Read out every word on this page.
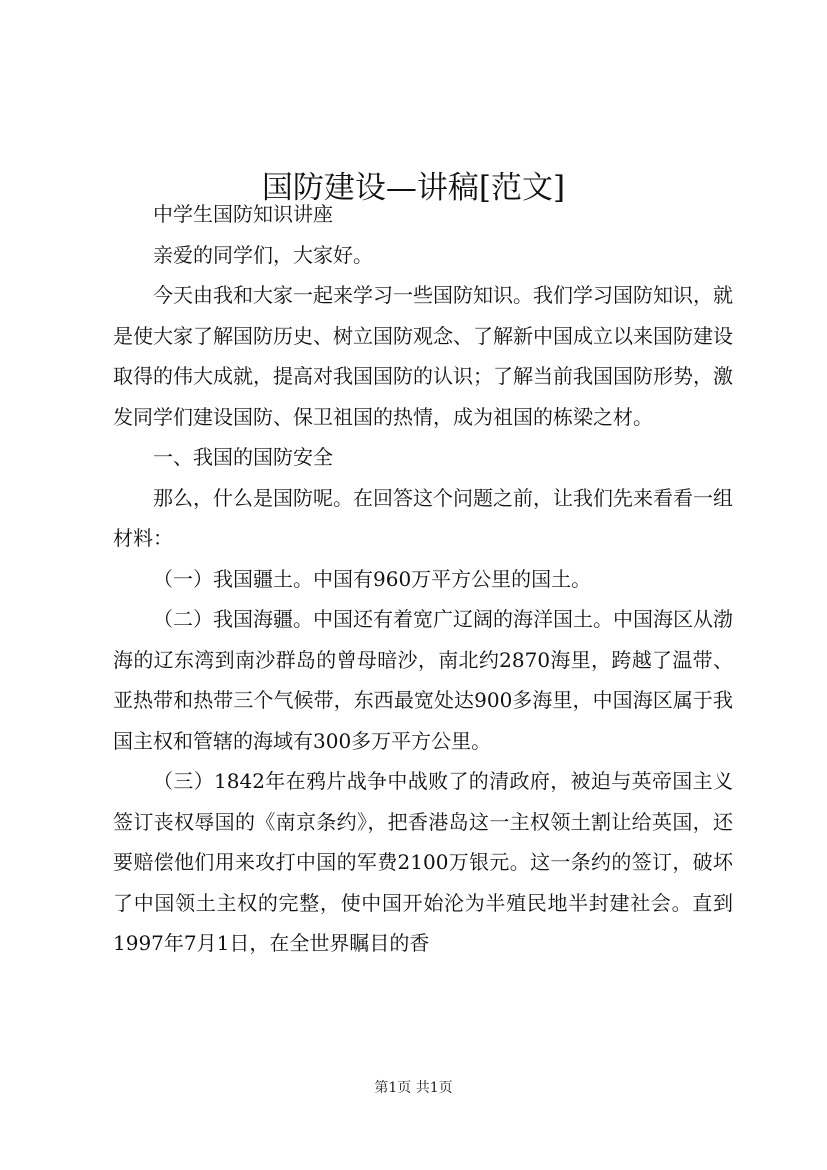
国防建设—讲稿[范文]

中学生国防知识讲座

亲爱的同学们，大家好。

今天由我和大家一起来学习一些国防知识。我们学习国防知识，就是使大家了解国防历史、树立国防观念、了解新中国成立以来国防建设取得的伟大成就，提高对我国国防的认识；了解当前我国国防形势，激发同学们建设国防、保卫祖国的热情，成为祖国的栋梁之材。

一、我国的国防安全

那么，什么是国防呢。在回答这个问题之前，让我们先来看看一组材料：

（一）我国疆土。中国有960万平方公里的国土。

（二）我国海疆。中国还有着宽广辽阔的海洋国土。中国海区从渤海的辽东湾到南沙群岛的曾母暗沙，南北约2870海里，跨越了温带、亚热带和热带三个气候带，东西最宽处达900多海里，中国海区属于我国主权和管辖的海域有300多万平方公里。

（三）1842年在鸦片战争中战败了的清政府，被迫与英帝国主义签订丧权辱国的《南京条约》，把香港岛这一主权领土割让给英国，还要赔偿他们用来攻打中国的军费2100万银元。这一条约的签订，破坏了中国领土主权的完整，使中国开始沦为半殖民地半封建社会。直到1997年7月1日，在全世界瞩目的香

第1页 共1页
